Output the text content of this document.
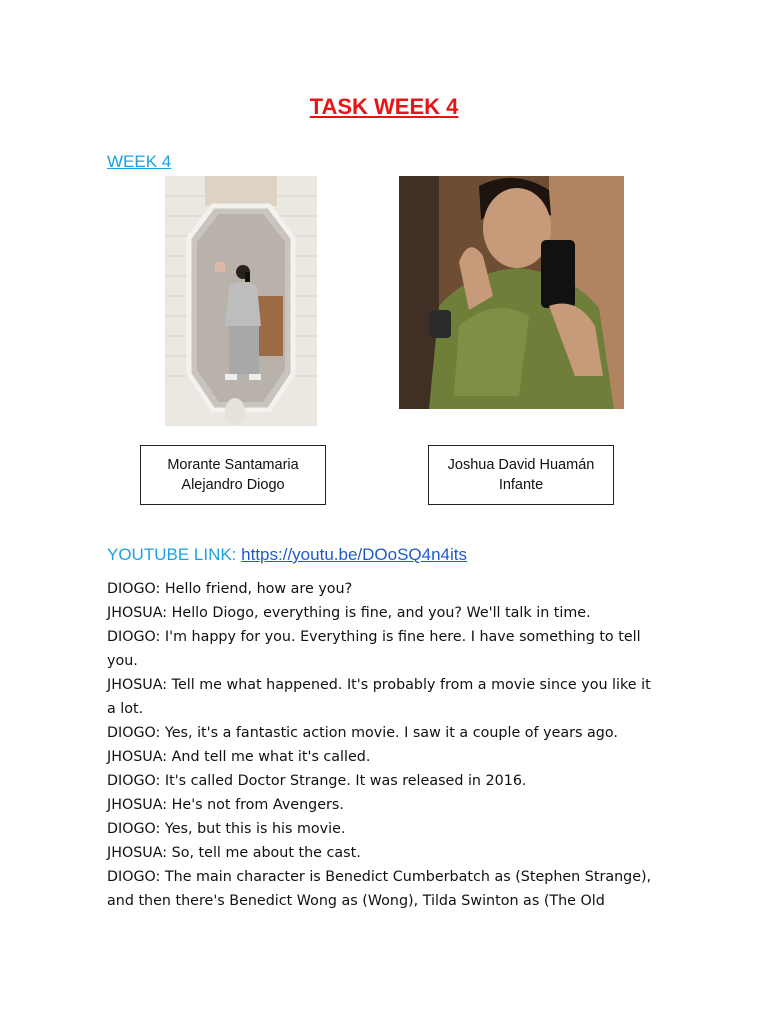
TASK WEEK 4
WEEK 4
Morante Santamaria
Alejandro Diogo
Joshua David Huamán
Infante
YOUTUBE LINK: https://youtu.be/DOoSQ4n4its

DIOGO: Hello friend, how are you?

JHOSUA: Hello Diogo, everything is fine, and you? We'll talk in time.

DIOGO: I'm happy for you. Everything is fine here. I have something to tell you.

JHOSUA: Tell me what happened. It's probably from a movie since you like it a lot.

DIOGO: Yes, it's a fantastic action movie. I saw it a couple of years ago.

JHOSUA: And tell me what it's called.

DIOGO: It's called Doctor Strange. It was released in 2016.

JHOSUA: He's not from Avengers.

DIOGO: Yes, but this is his movie.

JHOSUA: So, tell me about the cast.

DIOGO: The main character is Benedict Cumberbatch as (Stephen Strange), and then there's Benedict Wong as (Wong), Tilda Swinton as (The Old
